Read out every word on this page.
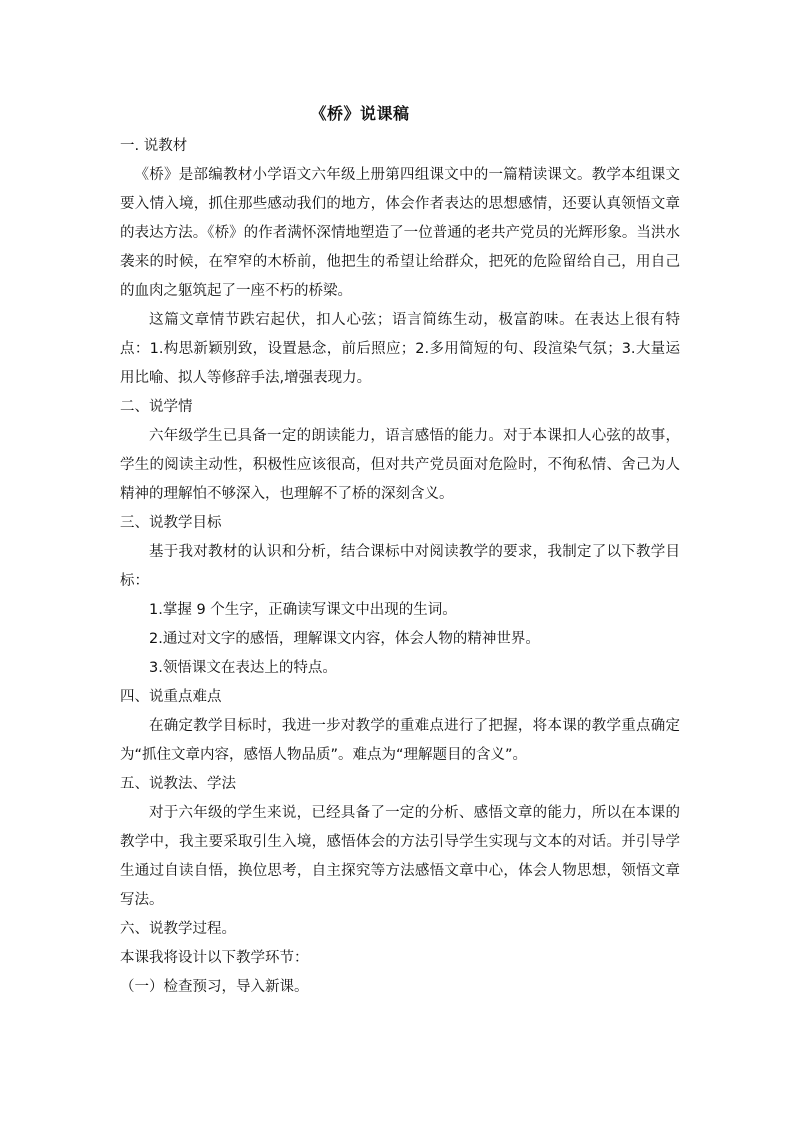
《桥》说课稿

一. 说教材

《桥》是部编教材小学语文六年级上册第四组课文中的一篇精读课文。教学本组课文要入情入境，抓住那些感动我们的地方，体会作者表达的思想感情，还要认真领悟文章的表达方法。《桥》的作者满怀深情地塑造了一位普通的老共产党员的光辉形象。当洪水袭来的时候，在窄窄的木桥前，他把生的希望让给群众，把死的危险留给自己，用自己的血肉之躯筑起了一座不朽的桥梁。

这篇文章情节跌宕起伏，扣人心弦；语言简练生动，极富韵味。在表达上很有特点：1.构思新颖别致，设置悬念，前后照应；2.多用简短的句、段渲染气氛；3.大量运用比喻、拟人等修辞手法,增强表现力。

二、说学情

六年级学生已具备一定的朗读能力，语言感悟的能力。对于本课扣人心弦的故事，学生的阅读主动性，积极性应该很高，但对共产党员面对危险时，不徇私情、舍己为人精神的理解怕不够深入，也理解不了桥的深刻含义。

三、说教学目标

基于我对教材的认识和分析，结合课标中对阅读教学的要求，我制定了以下教学目标：

1.掌握 9 个生字，正确读写课文中出现的生词。

2.通过对文字的感悟，理解课文内容，体会人物的精神世界。

3.领悟课文在表达上的特点。

四、说重点难点

在确定教学目标时，我进一步对教学的重难点进行了把握，将本课的教学重点确定为“抓住文章内容，感悟人物品质”。难点为“理解题目的含义”。

五、说教法、学法

对于六年级的学生来说，已经具备了一定的分析、感悟文章的能力，所以在本课的教学中，我主要采取引生入境，感悟体会的方法引导学生实现与文本的对话。并引导学生通过自读自悟，换位思考，自主探究等方法感悟文章中心，体会人物思想，领悟文章写法。

六、说教学过程。

本课我将设计以下教学环节：

（一）检查预习，导入新课。
